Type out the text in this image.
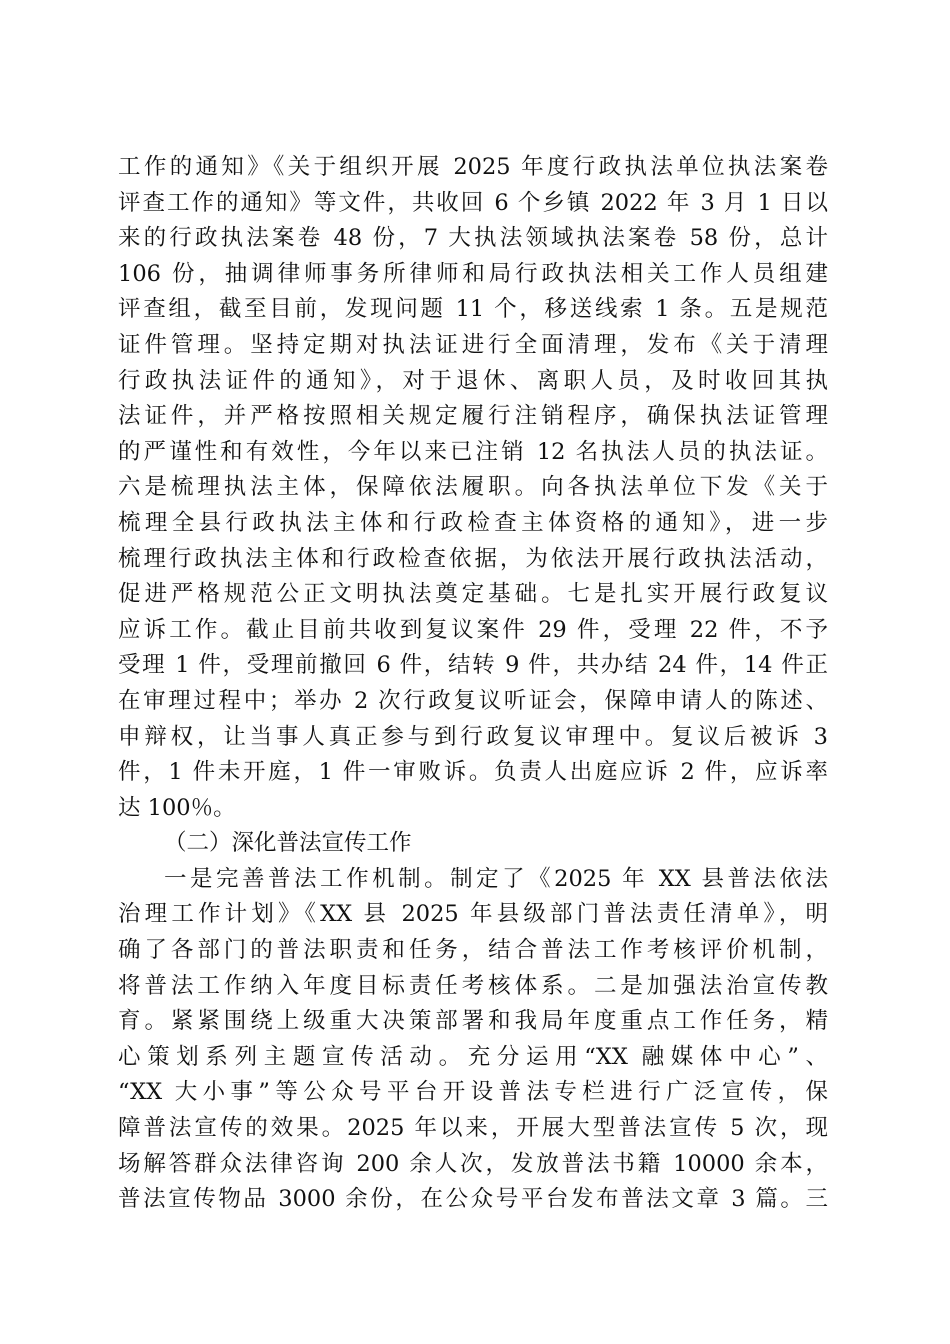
工作的通知》《关于组织开展 2025 年度行政执法单位执法案卷
评查工作的通知》等文件，共收回 6 个乡镇 2022 年 3 月 1 日以
来的行政执法案卷 48 份，7 大执法领域执法案卷 58 份，总计
106 份，抽调律师事务所律师和局行政执法相关工作人员组建
评查组，截至目前，发现问题 11 个，移送线索 1 条。五是规范
证件管理。坚持定期对执法证进行全面清理，发布《关于清理
行政执法证件的通知》，对于退休、离职人员，及时收回其执
法证件，并严格按照相关规定履行注销程序，确保执法证管理
的严谨性和有效性，今年以来已注销 12 名执法人员的执法证。
六是梳理执法主体，保障依法履职。向各执法单位下发《关于
梳理全县行政执法主体和行政检查主体资格的通知》，进一步
梳理行政执法主体和行政检查依据，为依法开展行政执法活动，
促进严格规范公正文明执法奠定基础。七是扎实开展行政复议
应诉工作。截止目前共收到复议案件 29 件，受理 22 件，不予
受理 1 件，受理前撤回 6 件，结转 9 件，共办结 24 件，14 件正
在审理过程中；举办 2 次行政复议听证会，保障申请人的陈述、
申辩权，让当事人真正参与到行政复议审理中。复议后被诉 3
件，1 件未开庭，1 件一审败诉。负责人出庭应诉 2 件，应诉率
达 100％。
（二）深化普法宣传工作
一是完善普法工作机制。制定了《2025 年 XX 县普法依法
治理工作计划》《XX 县 2025 年县级部门普法责任清单》，明
确了各部门的普法职责和任务，结合普法工作考核评价机制，
将普法工作纳入年度目标责任考核体系。二是加强法治宣传教
育。紧紧围绕上级重大决策部署和我局年度重点工作任务，精
心策划系列主题宣传活动。充分运用“XX 融媒体中心”、
“XX 大小事”等公众号平台开设普法专栏进行广泛宣传，保
障普法宣传的效果。2025 年以来，开展大型普法宣传 5 次，现
场解答群众法律咨询 200 余人次，发放普法书籍 10000 余本，
普法宣传物品 3000 余份，在公众号平台发布普法文章 3 篇。三
